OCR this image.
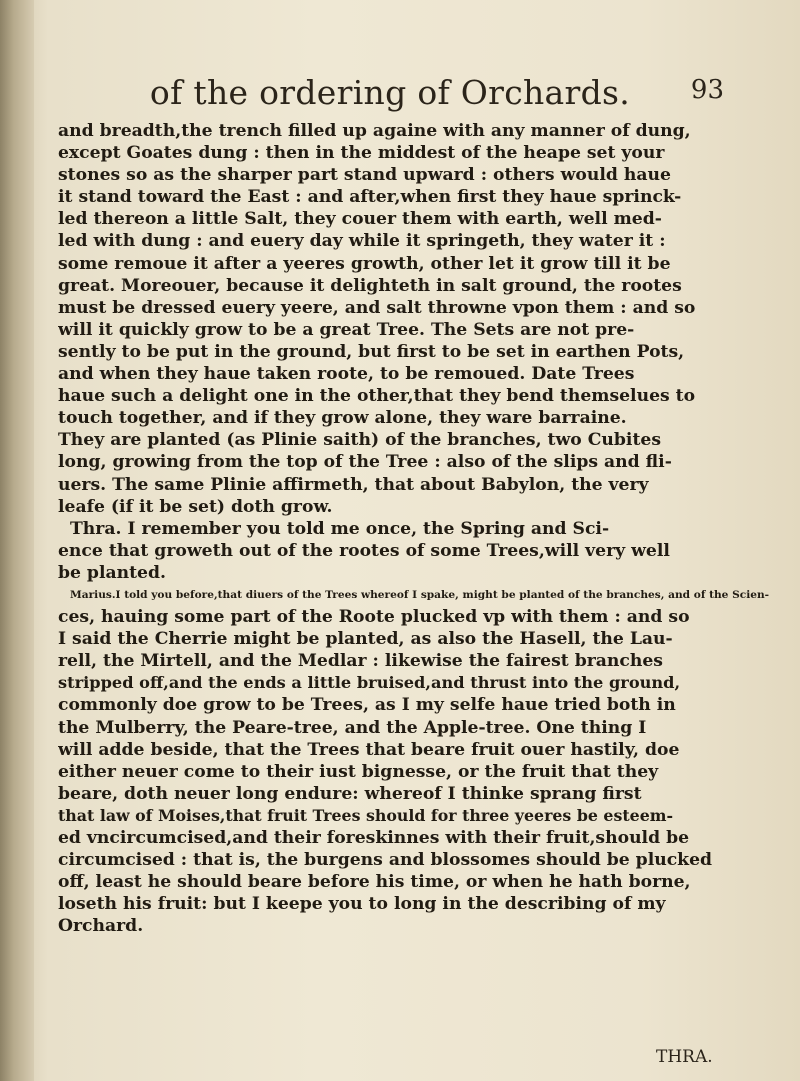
of the ordering of Orchards.	93
and breadth,the trench filled up againe with any manner of dung,
except Goates dung : then in the middest of the heape set your
stones so as the sharper part stand upward : others would haue
it stand toward the East : and after,when first they haue sprinck-
led thereon a little Salt, they couer them with earth, well med-
led with dung : and euery day while it springeth, they water it :
some remoue it after a yeeres growth, other let it grow till it be
great. Moreouer, because it delighteth in salt ground, the rootes
must be dressed euery yeere, and salt throwne vpon them : and so
will it quickly grow to be a great Tree. The Sets are not pre-
sently to be put in the ground, but first to be set in earthen Pots,
and when they haue taken roote, to be remoued. Date Trees
haue such a delight one in the other,that they bend themselues to
touch together, and if they grow alone, they ware barraine.
They are planted (as Plinie saith) of the branches, two Cubites
long, growing from the top of the Tree : also of the slips and fli-
uers. The same Plinie affirmeth, that about Babylon, the very
leafe (if it be set) doth grow.
Thra. I remember you told me once, the Spring and Sci-
ence that groweth out of the rootes of some Trees,will very well
be planted.
Marius.I told you before,that diuers of the Trees whereof I spake, might be planted of the branches, and of the Scien-
ces, hauing some part of the Roote plucked vp with them : and so
I said the Cherrie might be planted, as also the Hasell, the Lau-
rell, the Mirtell, and the Medlar : likewise the fairest branches
stripped off,and the ends a little bruised,and thrust into the ground,
commonly doe grow to be Trees, as I my selfe haue tried both in
the Mulberry, the Peare-tree, and the Apple-tree. One thing I
will adde beside, that the Trees that beare fruit ouer hastily, doe
either neuer come to their iust bignesse, or the fruit that they
beare, doth neuer long endure: whereof I thinke sprang first
that law of Moises,that fruit Trees should for three yeeres be esteem-
ed vncircumcised,and their foreskinnes with their fruit,should be
circumcised : that is, the burgens and blossomes should be plucked
off, least he should beare before his time, or when he hath borne,
loseth his fruit: but I keepe you to long in the describing of my
Orchard.
THRA.
